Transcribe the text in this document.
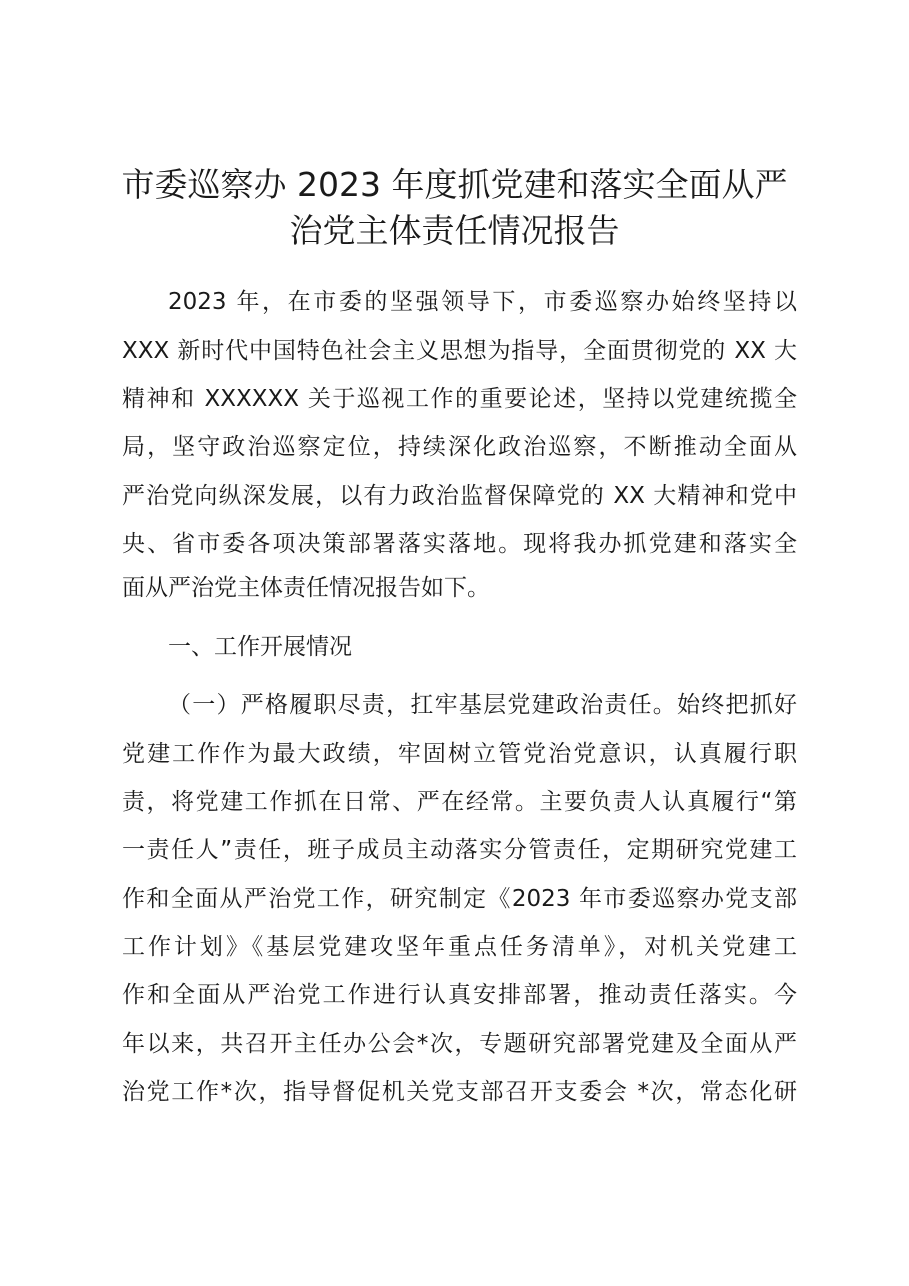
市委巡察办 2023 年度抓党建和落实全面从严
治党主体责任情况报告

2023 年，在市委的坚强领导下，市委巡察办始终坚持以

XXX 新时代中国特色社会主义思想为指导，全面贯彻党的 XX 大

精神和 XXXXXX 关于巡视工作的重要论述，坚持以党建统揽全

局，坚守政治巡察定位，持续深化政治巡察，不断推动全面从

严治党向纵深发展，以有力政治监督保障党的 XX 大精神和党中

央、省市委各项决策部署落实落地。现将我办抓党建和落实全

面从严治党主体责任情况报告如下。

一、工作开展情况

（一）严格履职尽责，扛牢基层党建政治责任。始终把抓好

党建工作作为最大政绩，牢固树立管党治党意识，认真履行职

责，将党建工作抓在日常、严在经常。主要负责人认真履行“第

一责任人”责任，班子成员主动落实分管责任，定期研究党建工

作和全面从严治党工作，研究制定《2023 年市委巡察办党支部

工作计划》《基层党建攻坚年重点任务清单》，对机关党建工

作和全面从严治党工作进行认真安排部署，推动责任落实。今

年以来，共召开主任办公会*次，专题研究部署党建及全面从严

治党工作*次，指导督促机关党支部召开支委会 *次，常态化研
